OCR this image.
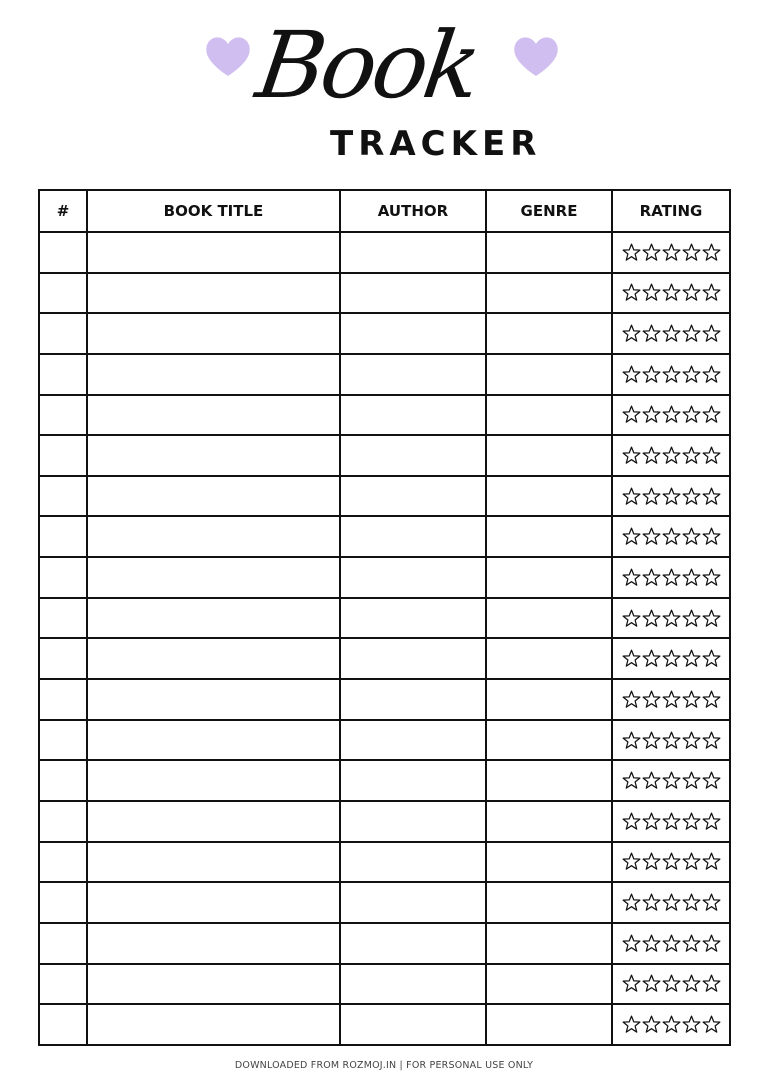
Book
TRACKER
#	BOOK TITLE	AUTHOR	GENRE	RATING

DOWNLOADED FROM ROZMOJ.IN | FOR PERSONAL USE ONLY
